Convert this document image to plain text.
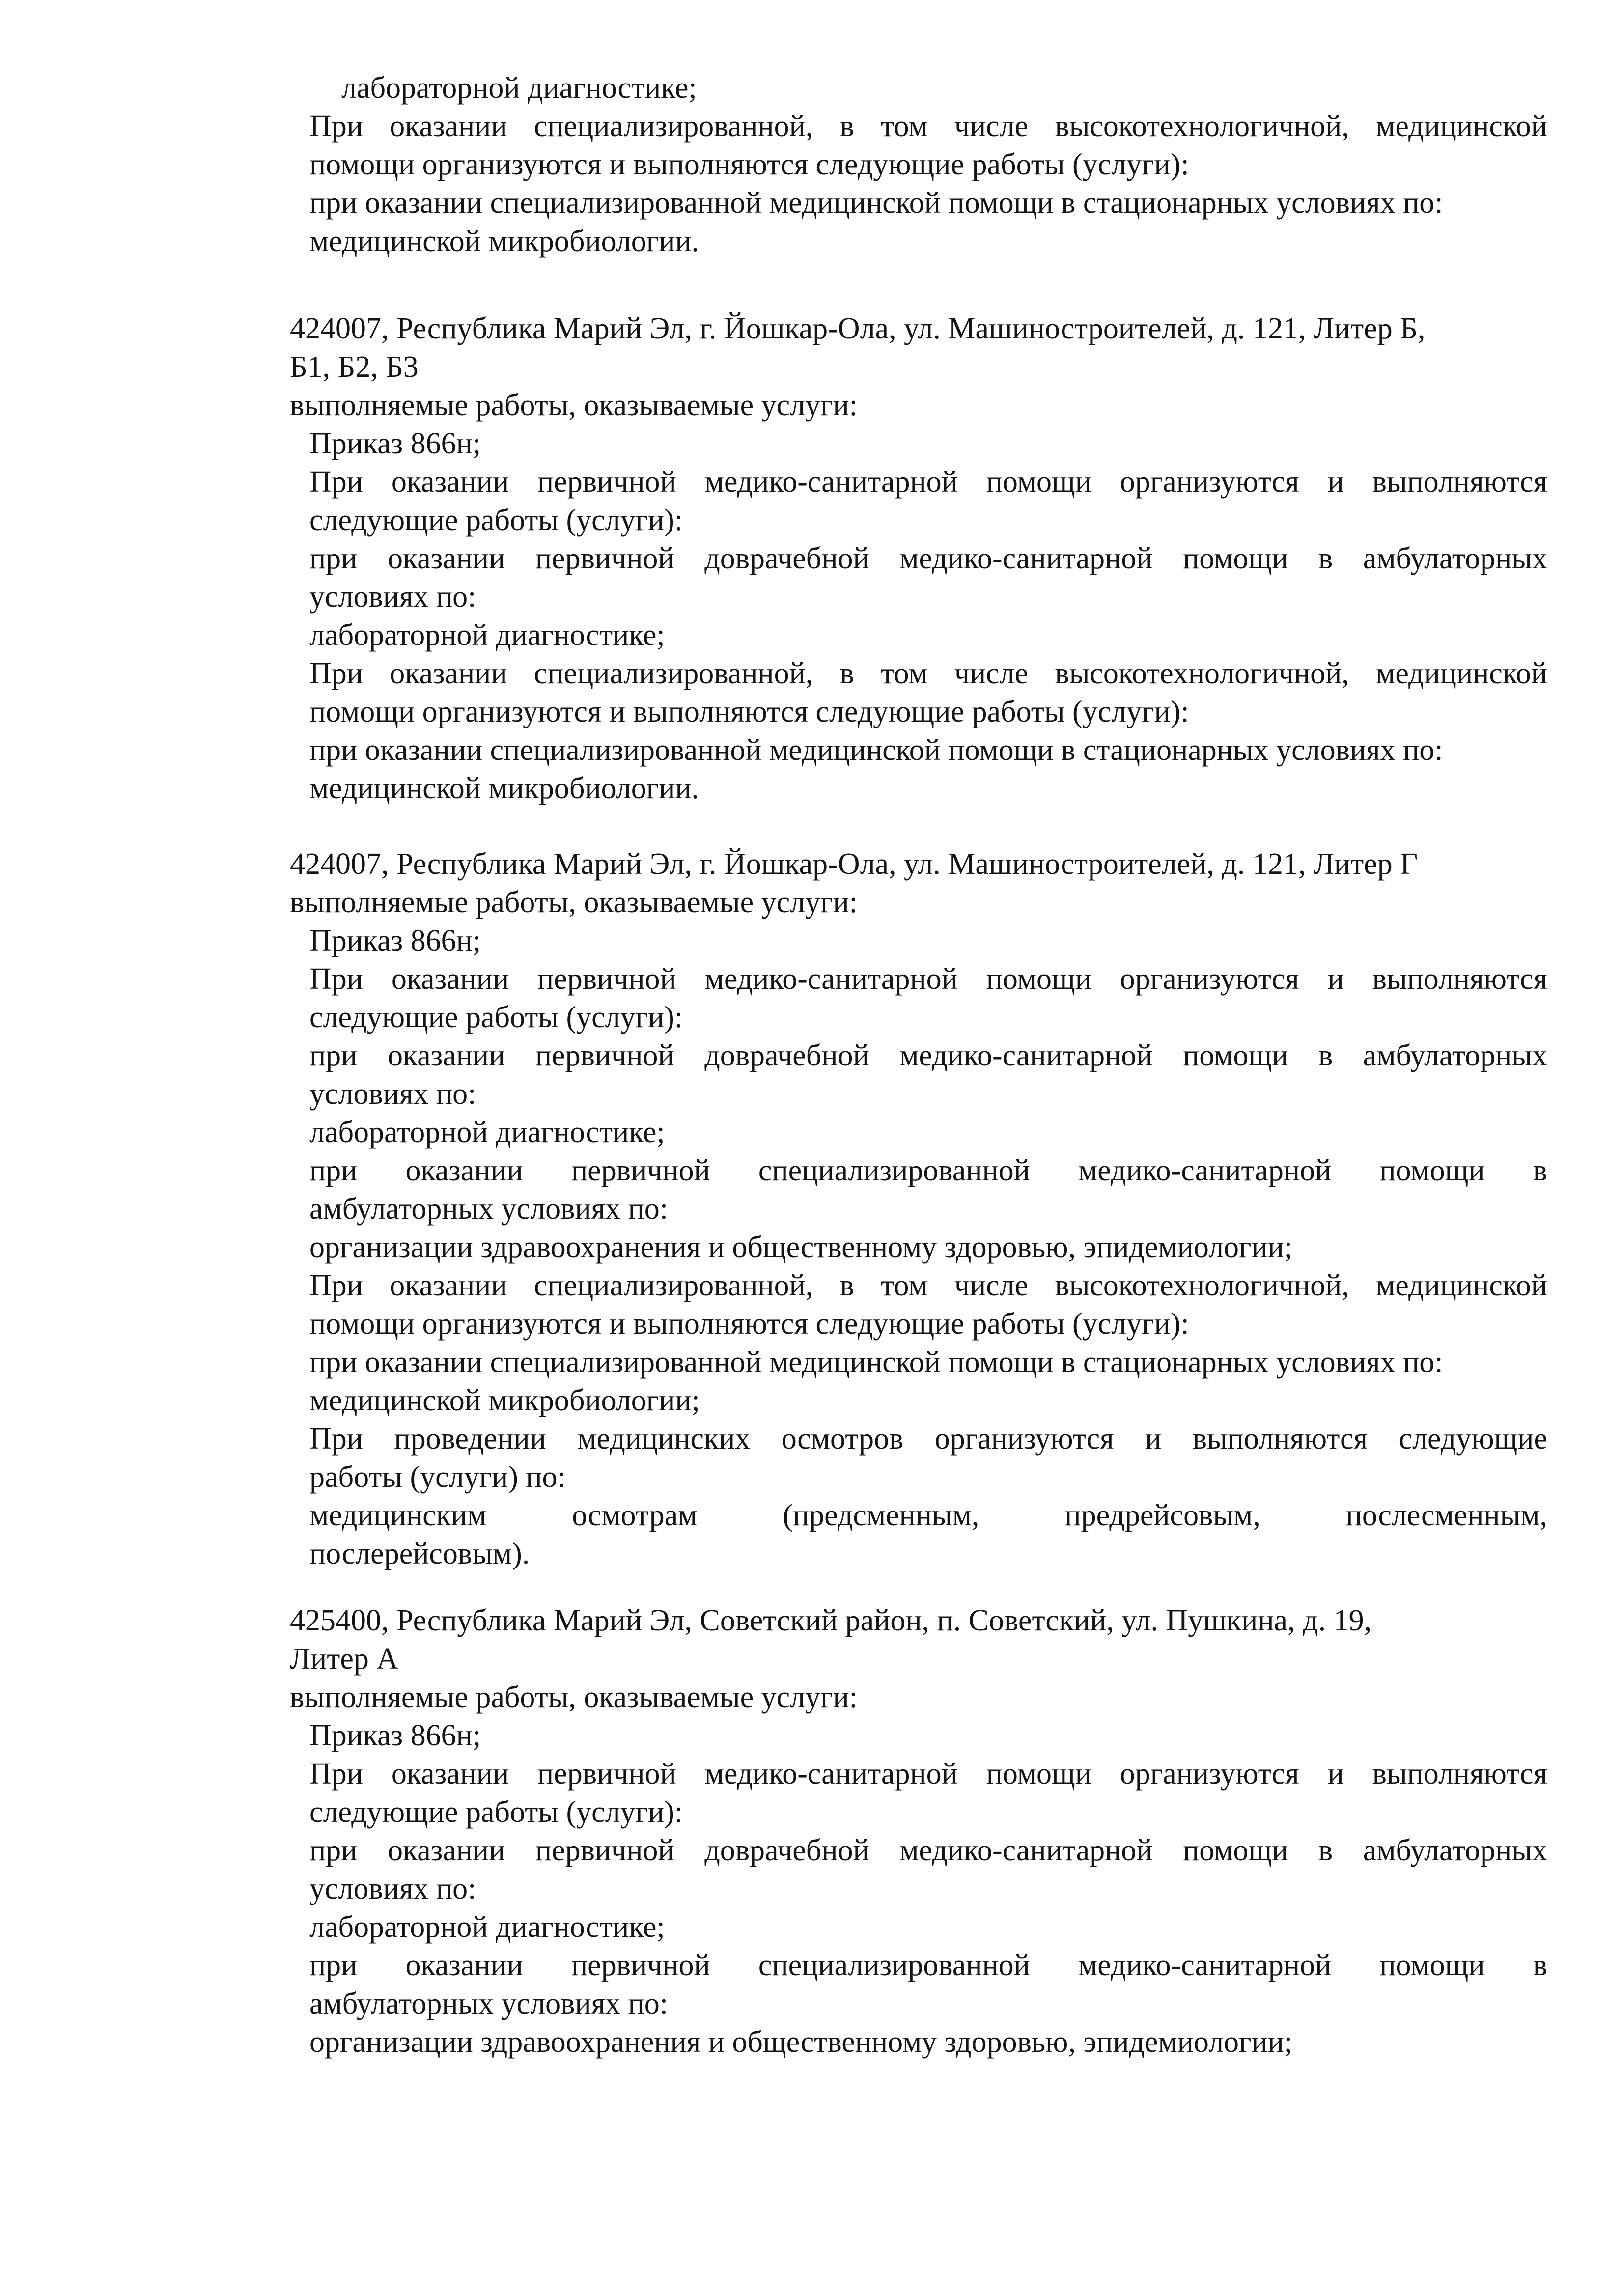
лабораторной диагностике;
При оказании специализированной, в том числе высокотехнологичной, медицинской
помощи организуются и выполняются следующие работы (услуги):
при оказании специализированной медицинской помощи в стационарных условиях по:
медицинской микробиологии.
424007, Республика Марий Эл, г. Йошкар-Ола, ул. Машиностроителей, д. 121, Литер Б,
Б1, Б2, Б3
выполняемые работы, оказываемые услуги:
Приказ 866н;
При оказании первичной медико-санитарной помощи организуются и выполняются
следующие работы (услуги):
при оказании первичной доврачебной медико-санитарной помощи в амбулаторных
условиях по:
лабораторной диагностике;
При оказании специализированной, в том числе высокотехнологичной, медицинской
помощи организуются и выполняются следующие работы (услуги):
при оказании специализированной медицинской помощи в стационарных условиях по:
медицинской микробиологии.
424007, Республика Марий Эл, г. Йошкар-Ола, ул. Машиностроителей, д. 121, Литер Г
выполняемые работы, оказываемые услуги:
Приказ 866н;
При оказании первичной медико-санитарной помощи организуются и выполняются
следующие работы (услуги):
при оказании первичной доврачебной медико-санитарной помощи в амбулаторных
условиях по:
лабораторной диагностике;
при оказании первичной специализированной медико-санитарной помощи в
амбулаторных условиях по:
организации здравоохранения и общественному здоровью, эпидемиологии;
При оказании специализированной, в том числе высокотехнологичной, медицинской
помощи организуются и выполняются следующие работы (услуги):
при оказании специализированной медицинской помощи в стационарных условиях по:
медицинской микробиологии;
При проведении медицинских осмотров организуются и выполняются следующие
работы (услуги) по:
медицинским осмотрам (предсменным, предрейсовым, послесменным,
послерейсовым).
425400, Республика Марий Эл, Советский район, п. Советский, ул. Пушкина, д. 19,
Литер А
выполняемые работы, оказываемые услуги:
Приказ 866н;
При оказании первичной медико-санитарной помощи организуются и выполняются
следующие работы (услуги):
при оказании первичной доврачебной медико-санитарной помощи в амбулаторных
условиях по:
лабораторной диагностике;
при оказании первичной специализированной медико-санитарной помощи в
амбулаторных условиях по:
организации здравоохранения и общественному здоровью, эпидемиологии;
